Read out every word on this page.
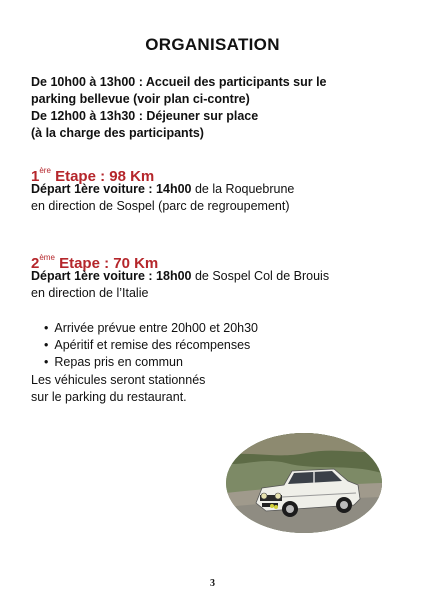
ORGANISATION
De 10h00 à 13h00 : Accueil des participants sur le
parking bellevue (voir plan ci-contre)
De 12h00 à 13h30 : Déjeuner sur place
(à la charge des participants)
1ère Etape : 98 Km
Départ 1ère voiture : 14h00 de la Roquebrune
en direction de Sospel (parc de regroupement)
2ème Etape : 70 Km
Départ 1ère voiture : 18h00 de Sospel Col de Brouis
en direction de l’Italie
• Arrivée prévue entre 20h00 et 20h30
• Apéritif et remise des récompenses
• Repas pris en commun
Les véhicules seront stationnés
sur le parking du restaurant.
3
